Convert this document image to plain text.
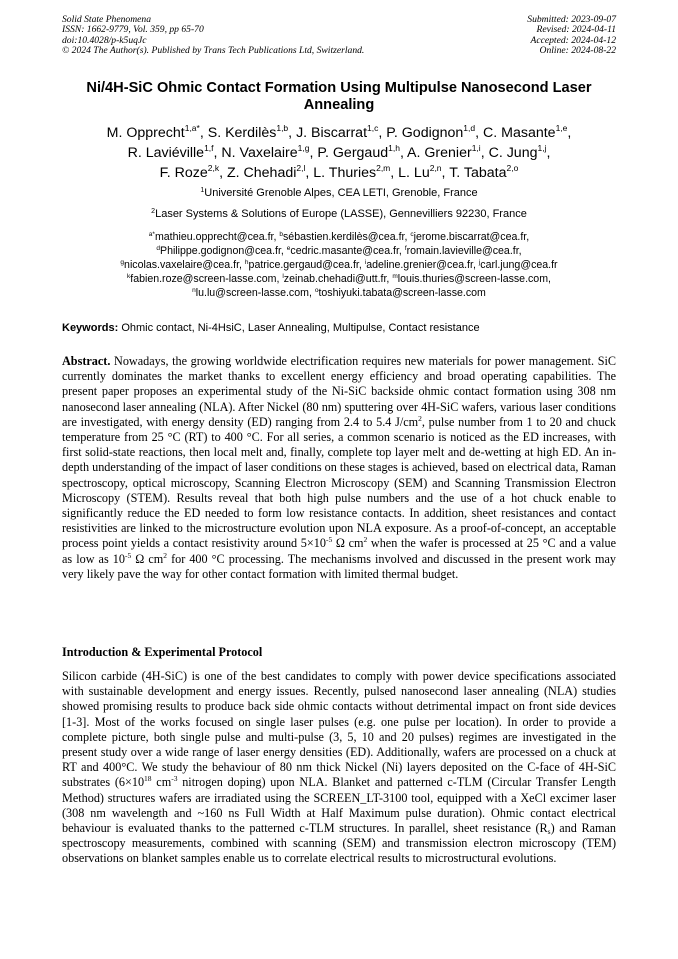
Solid State Phenomena
ISSN: 1662-9779, Vol. 359, pp 65-70
doi:10.4028/p-k5uqJc
© 2024 The Author(s). Published by Trans Tech Publications Ltd, Switzerland.
Submitted: 2023-09-07
Revised: 2024-04-11
Accepted: 2024-04-12
Online: 2024-08-22
Ni/4H-SiC Ohmic Contact Formation Using Multipulse Nanosecond Laser Annealing
M. Opprecht$^{1,a*}$, S. Kerdilès$^{1,b}$, J. Biscarrat$^{1,c}$, P. Godignon$^{1,d}$, C. Masante$^{1,e}$,
R. Laviéville$^{1,f}$, N. Vaxelaire$^{1,g}$, P. Gergaud$^{1,h}$, A. Grenier$^{1,i}$, C. Jung$^{1,j}$,
F. Roze$^{2,k}$, Z. Chehadi$^{2,l}$, L. Thuries$^{2,m}$, L. Lu$^{2,n}$, T. Tabata$^{2,o}$
$^1$Université Grenoble Alpes, CEA LETI, Grenoble, France
$^2$Laser Systems & Solutions of Europe (LASSE), Gennevilliers 92230, France
$^{a*}$mathieu.opprecht@cea.fr, $^b$sébastien.kerdilès@cea.fr, $^c$jerome.biscarrat@cea.fr,
$^d$Philippe.godignon@cea.fr, $^e$cedric.masante@cea.fr, $^f$romain.lavieville@cea.fr,
$^g$nicolas.vaxelaire@cea.fr, $^h$patrice.gergaud@cea.fr, $^i$adeline.grenier@cea.fr, $^j$carl.jung@cea.fr
$^k$fabien.roze@screen-lasse.com, $^l$zeinab.chehadi@utt.fr, $^m$louis.thuries@screen-lasse.com,
$^n$lu.lu@screen-lasse.com, $^o$toshiyuki.tabata@screen-lasse.com
Keywords: Ohmic contact, Ni-4HsiC, Laser Annealing, Multipulse, Contact resistance
Abstract. Nowadays, the growing worldwide electrification requires new materials for power management. SiC currently dominates the market thanks to excellent energy efficiency and broad operating capabilities. The present paper proposes an experimental study of the Ni-SiC backside ohmic contact formation using 308 nm nanosecond laser annealing (NLA). After Nickel (80 nm) sputtering over 4H-SiC wafers, various laser conditions are investigated, with energy density (ED) ranging from 2.4 to 5.4 $J/cm^2$, pulse number from 1 to 20 and chuck temperature from 25 °C (RT) to 400 °C. For all series, a common scenario is noticed as the ED increases, with first solid-state reactions, then local melt and, finally, complete top layer melt and de-wetting at high ED. An in-depth understanding of the impact of laser conditions on these stages is achieved, based on electrical data, Raman spectroscopy, optical microscopy, Scanning Electron Microscopy (SEM) and Scanning Transmission Electron Microscopy (STEM). Results reveal that both high pulse numbers and the use of a hot chuck enable to significantly reduce the ED needed to form low resistance contacts. In addition, sheet resistances and contact resistivities are linked to the microstructure evolution upon NLA exposure. As a proof-of-concept, an acceptable process point yields a contact resistivity around $5\times 10^{-5}$ Ω $cm^2$ when the wafer is processed at 25 °C and a value as low as $10^{-5}$ Ω $cm^2$ for 400 °C processing. The mechanisms involved and discussed in the present work may very likely pave the way for other contact formation with limited thermal budget.
Introduction & Experimental Protocol
Silicon carbide (4H-SiC) is one of the best candidates to comply with power device specifications associated with sustainable development and energy issues. Recently, pulsed nanosecond laser annealing (NLA) studies showed promising results to produce back side ohmic contacts without detrimental impact on front side devices [1-3]. Most of the works focused on single laser pulses (e.g. one pulse per location). In order to provide a complete picture, both single pulse and multi-pulse (3, 5, 10 and 20 pulses) regimes are investigated in the present study over a wide range of laser energy densities (ED). Additionally, wafers are processed on a chuck at RT and 400°C. We study the behaviour of 80 nm thick Nickel (Ni) layers deposited on the C-face of 4H-SiC substrates ($6\times 10^{18}$ $cm^{-3}$ nitrogen doping) upon NLA. Blanket and patterned c-TLM (Circular Transfer Length Method) structures wafers are irradiated using the SCREEN_LT-3100 tool, equipped with a XeCl excimer laser (308 nm wavelength and ~160 ns Full Width at Half Maximum pulse duration). Ohmic contact electrical behaviour is evaluated thanks to the patterned c-TLM structures. In parallel, sheet resistance $(R_s)$ and Raman spectroscopy measurements, combined with scanning (SEM) and transmission electron microscopy (TEM) observations on blanket samples enable us to correlate electrical results to microstructural evolutions.
